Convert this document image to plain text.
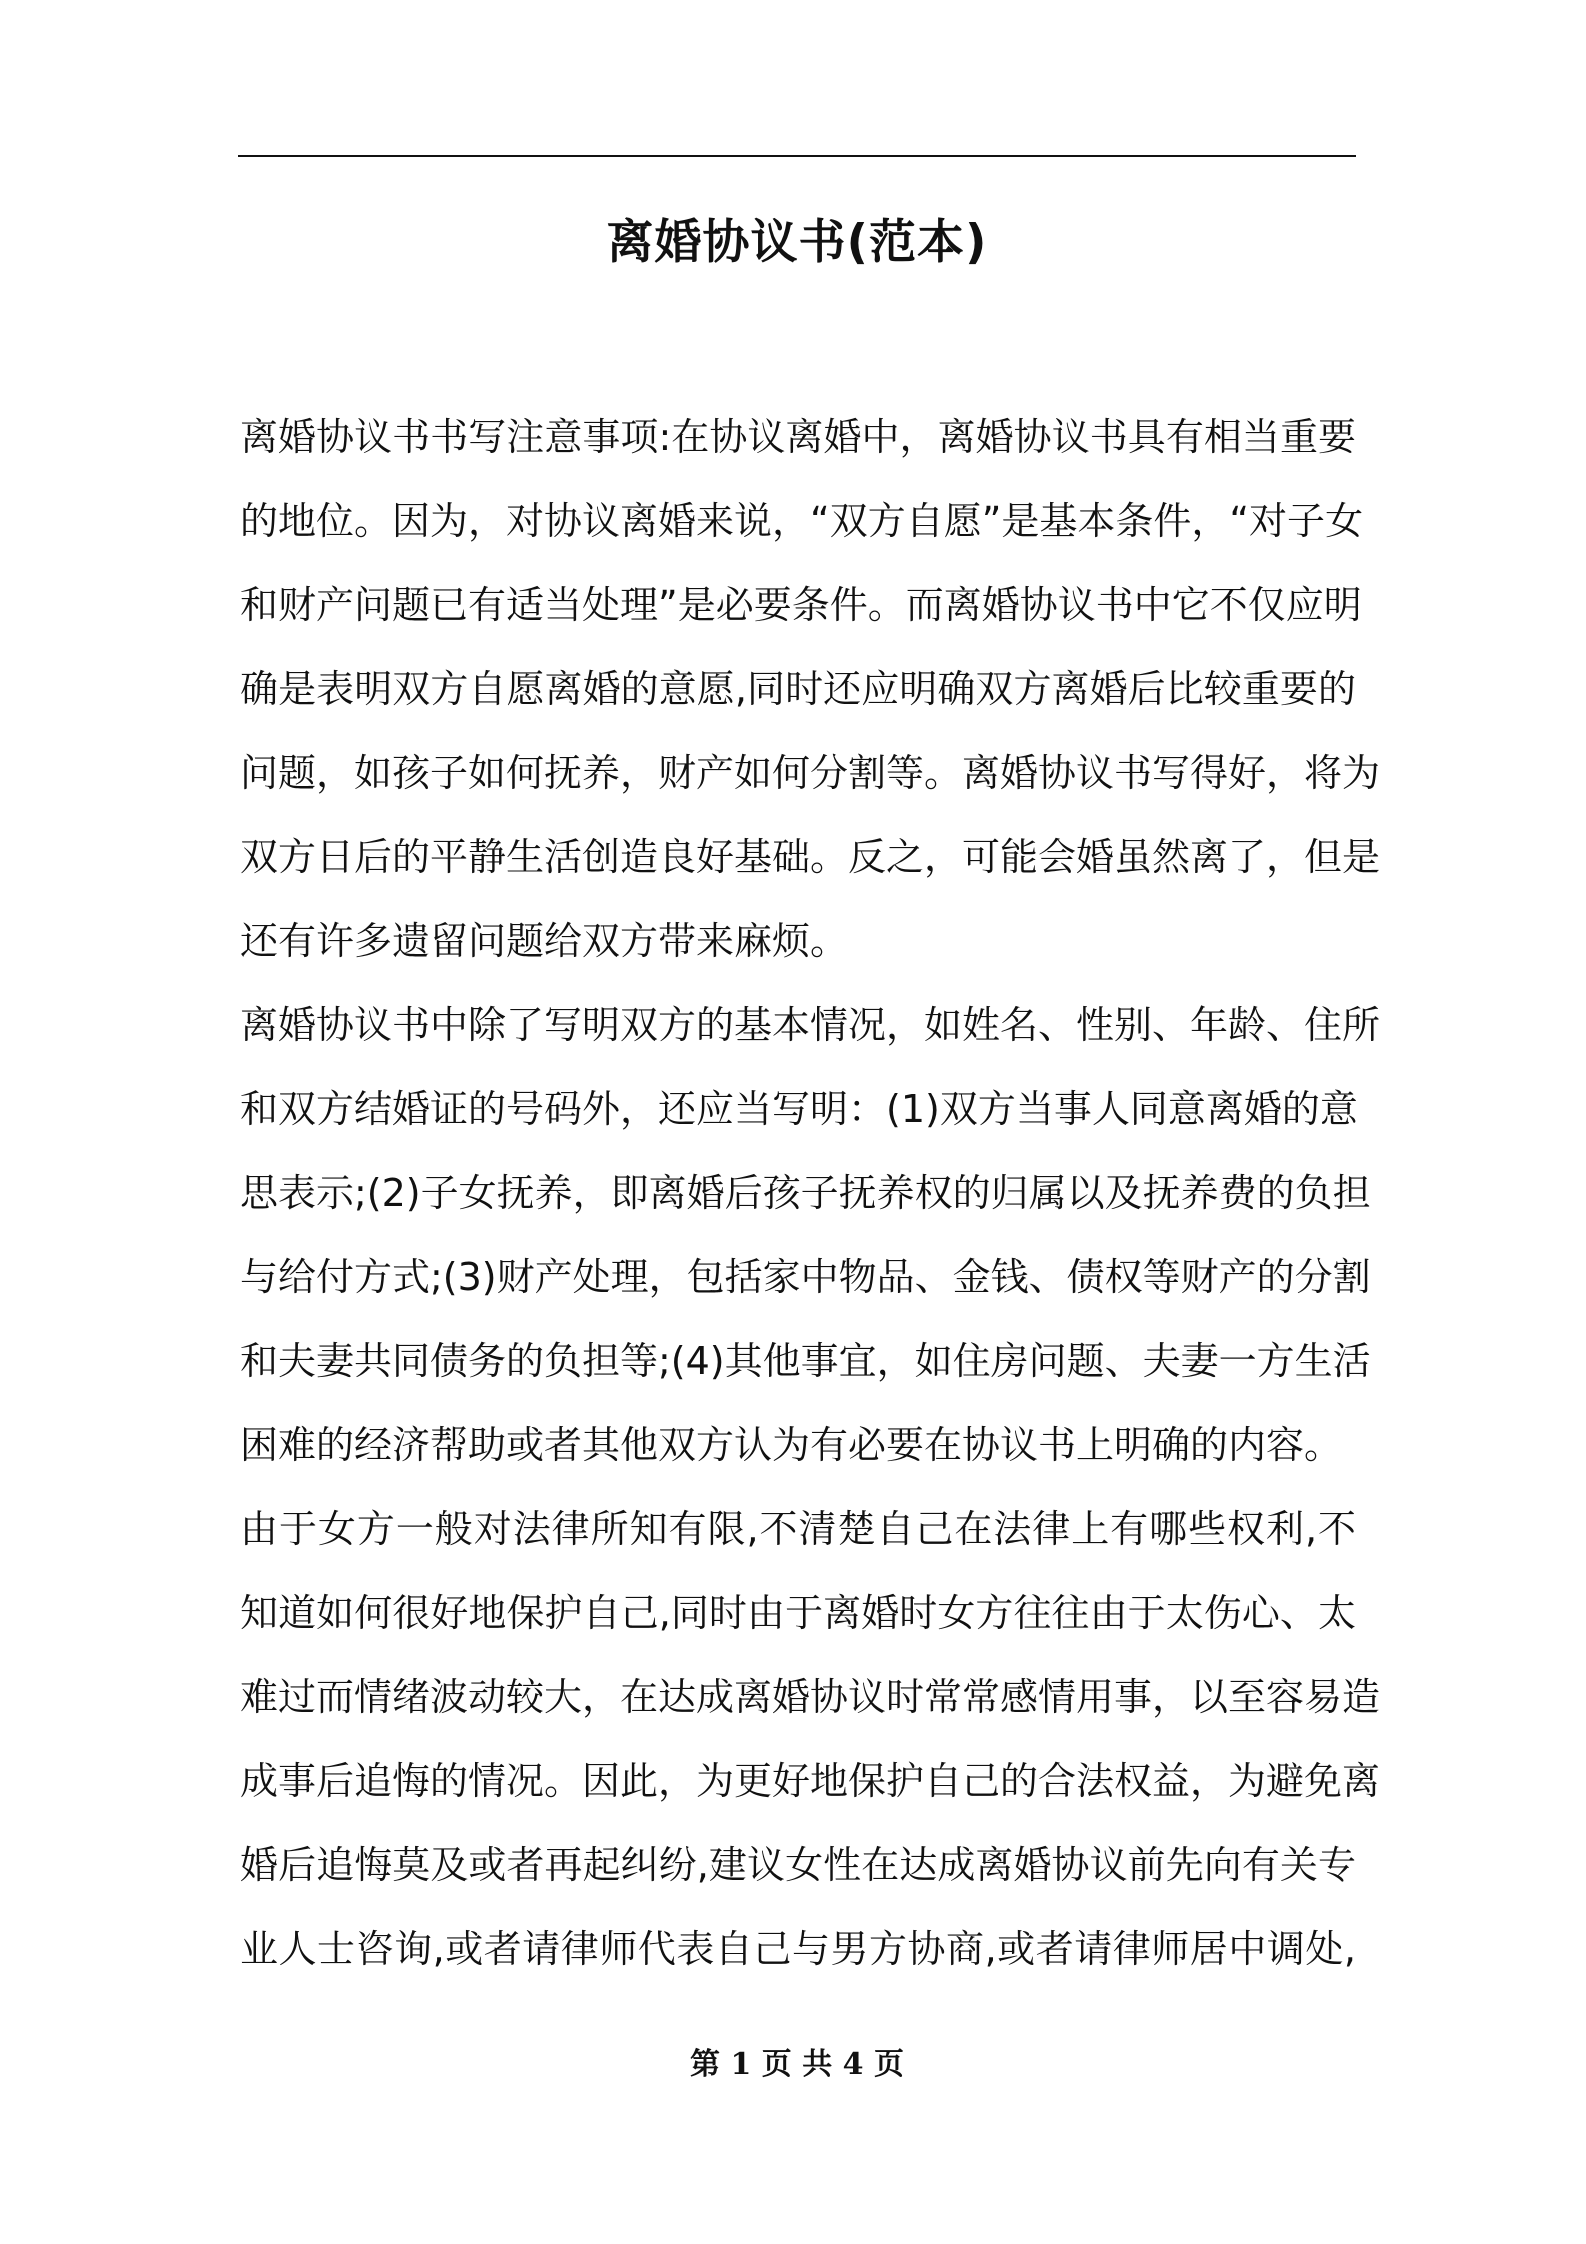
离婚协议书(范本)
离婚协议书书写注意事项:在协议离婚中，离婚协议书具有相当重要
的地位。因为，对协议离婚来说，“双方自愿”是基本条件，“对子女
和财产问题已有适当处理”是必要条件。而离婚协议书中它不仅应明
确是表明双方自愿离婚的意愿,同时还应明确双方离婚后比较重要的
问题，如孩子如何抚养，财产如何分割等。离婚协议书写得好，将为
双方日后的平静生活创造良好基础。反之，可能会婚虽然离了，但是
还有许多遗留问题给双方带来麻烦。
离婚协议书中除了写明双方的基本情况，如姓名、性别、年龄、住所
和双方结婚证的号码外，还应当写明：(1)双方当事人同意离婚的意
思表示;(2)子女抚养，即离婚后孩子抚养权的归属以及抚养费的负担
与给付方式;(3)财产处理，包括家中物品、金钱、债权等财产的分割
和夫妻共同债务的负担等;(4)其他事宜，如住房问题、夫妻一方生活
困难的经济帮助或者其他双方认为有必要在协议书上明确的内容。
由于女方一般对法律所知有限,不清楚自己在法律上有哪些权利,不
知道如何很好地保护自己,同时由于离婚时女方往往由于太伤心、太
难过而情绪波动较大，在达成离婚协议时常常感情用事，以至容易造
成事后追悔的情况。因此，为更好地保护自己的合法权益，为避免离
婚后追悔莫及或者再起纠纷,建议女性在达成离婚协议前先向有关专
业人士咨询,或者请律师代表自己与男方协商,或者请律师居中调处,
第 1 页 共 4 页
